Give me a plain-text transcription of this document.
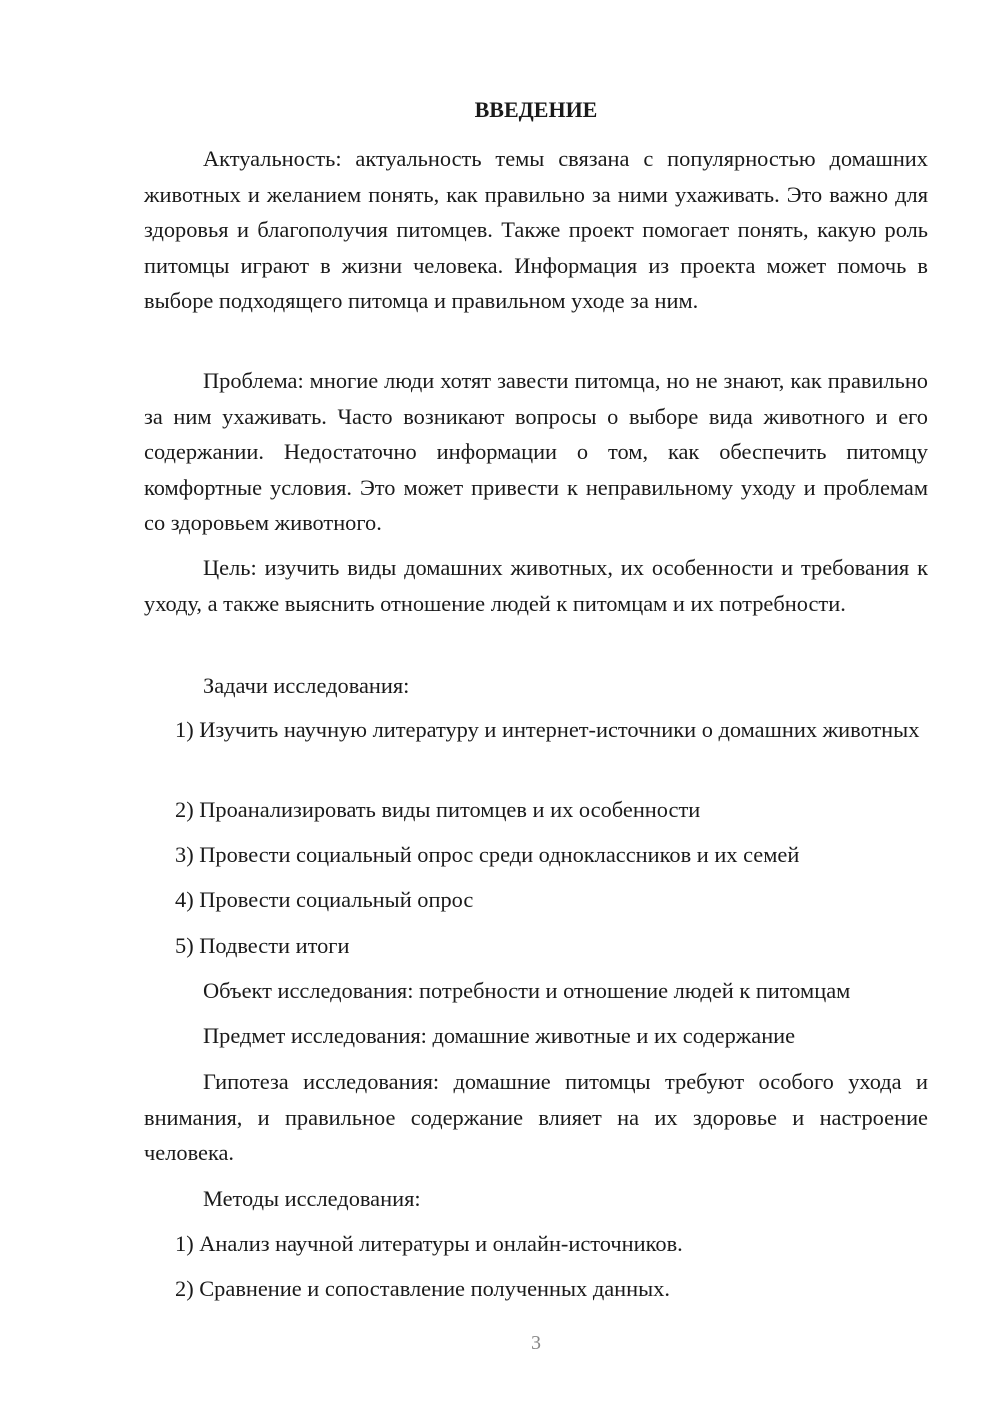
ВВЕДЕНИЕ

Актуальность: актуальность темы связана с популярностью домашних животных и желанием понять, как правильно за ними ухаживать. Это важно для здоровья и благополучия питомцев. Также проект помогает понять, какую роль питомцы играют в жизни человека. Информация из проекта может помочь в выборе подходящего питомца и правильном уходе за ним.

Проблема: многие люди хотят завести питомца, но не знают, как правильно за ним ухаживать. Часто возникают вопросы о выборе вида животного и его содержании. Недостаточно информации о том, как обеспечить питомцу комфортные условия. Это может привести к неправильному уходу и проблемам со здоровьем животного.

Цель: изучить виды домашних животных, их особенности и требования к уходу, а также выяснить отношение людей к питомцам и их потребности.

Задачи исследования:

1) Изучить научную литературу и интернет-источники о домашних животных

2) Проанализировать виды питомцев и их особенности

3) Провести социальный опрос среди одноклассников и их семей

4) Провести социальный опрос

5) Подвести итоги

Объект исследования: потребности и отношение людей к питомцам

Предмет исследования: домашние животные и их содержание

Гипотеза исследования: домашние питомцы требуют особого ухода и внимания, и правильное содержание влияет на их здоровье и настроение человека.

Методы исследования:

1) Анализ научной литературы и онлайн-источников.

2) Сравнение и сопоставление полученных данных.

3
